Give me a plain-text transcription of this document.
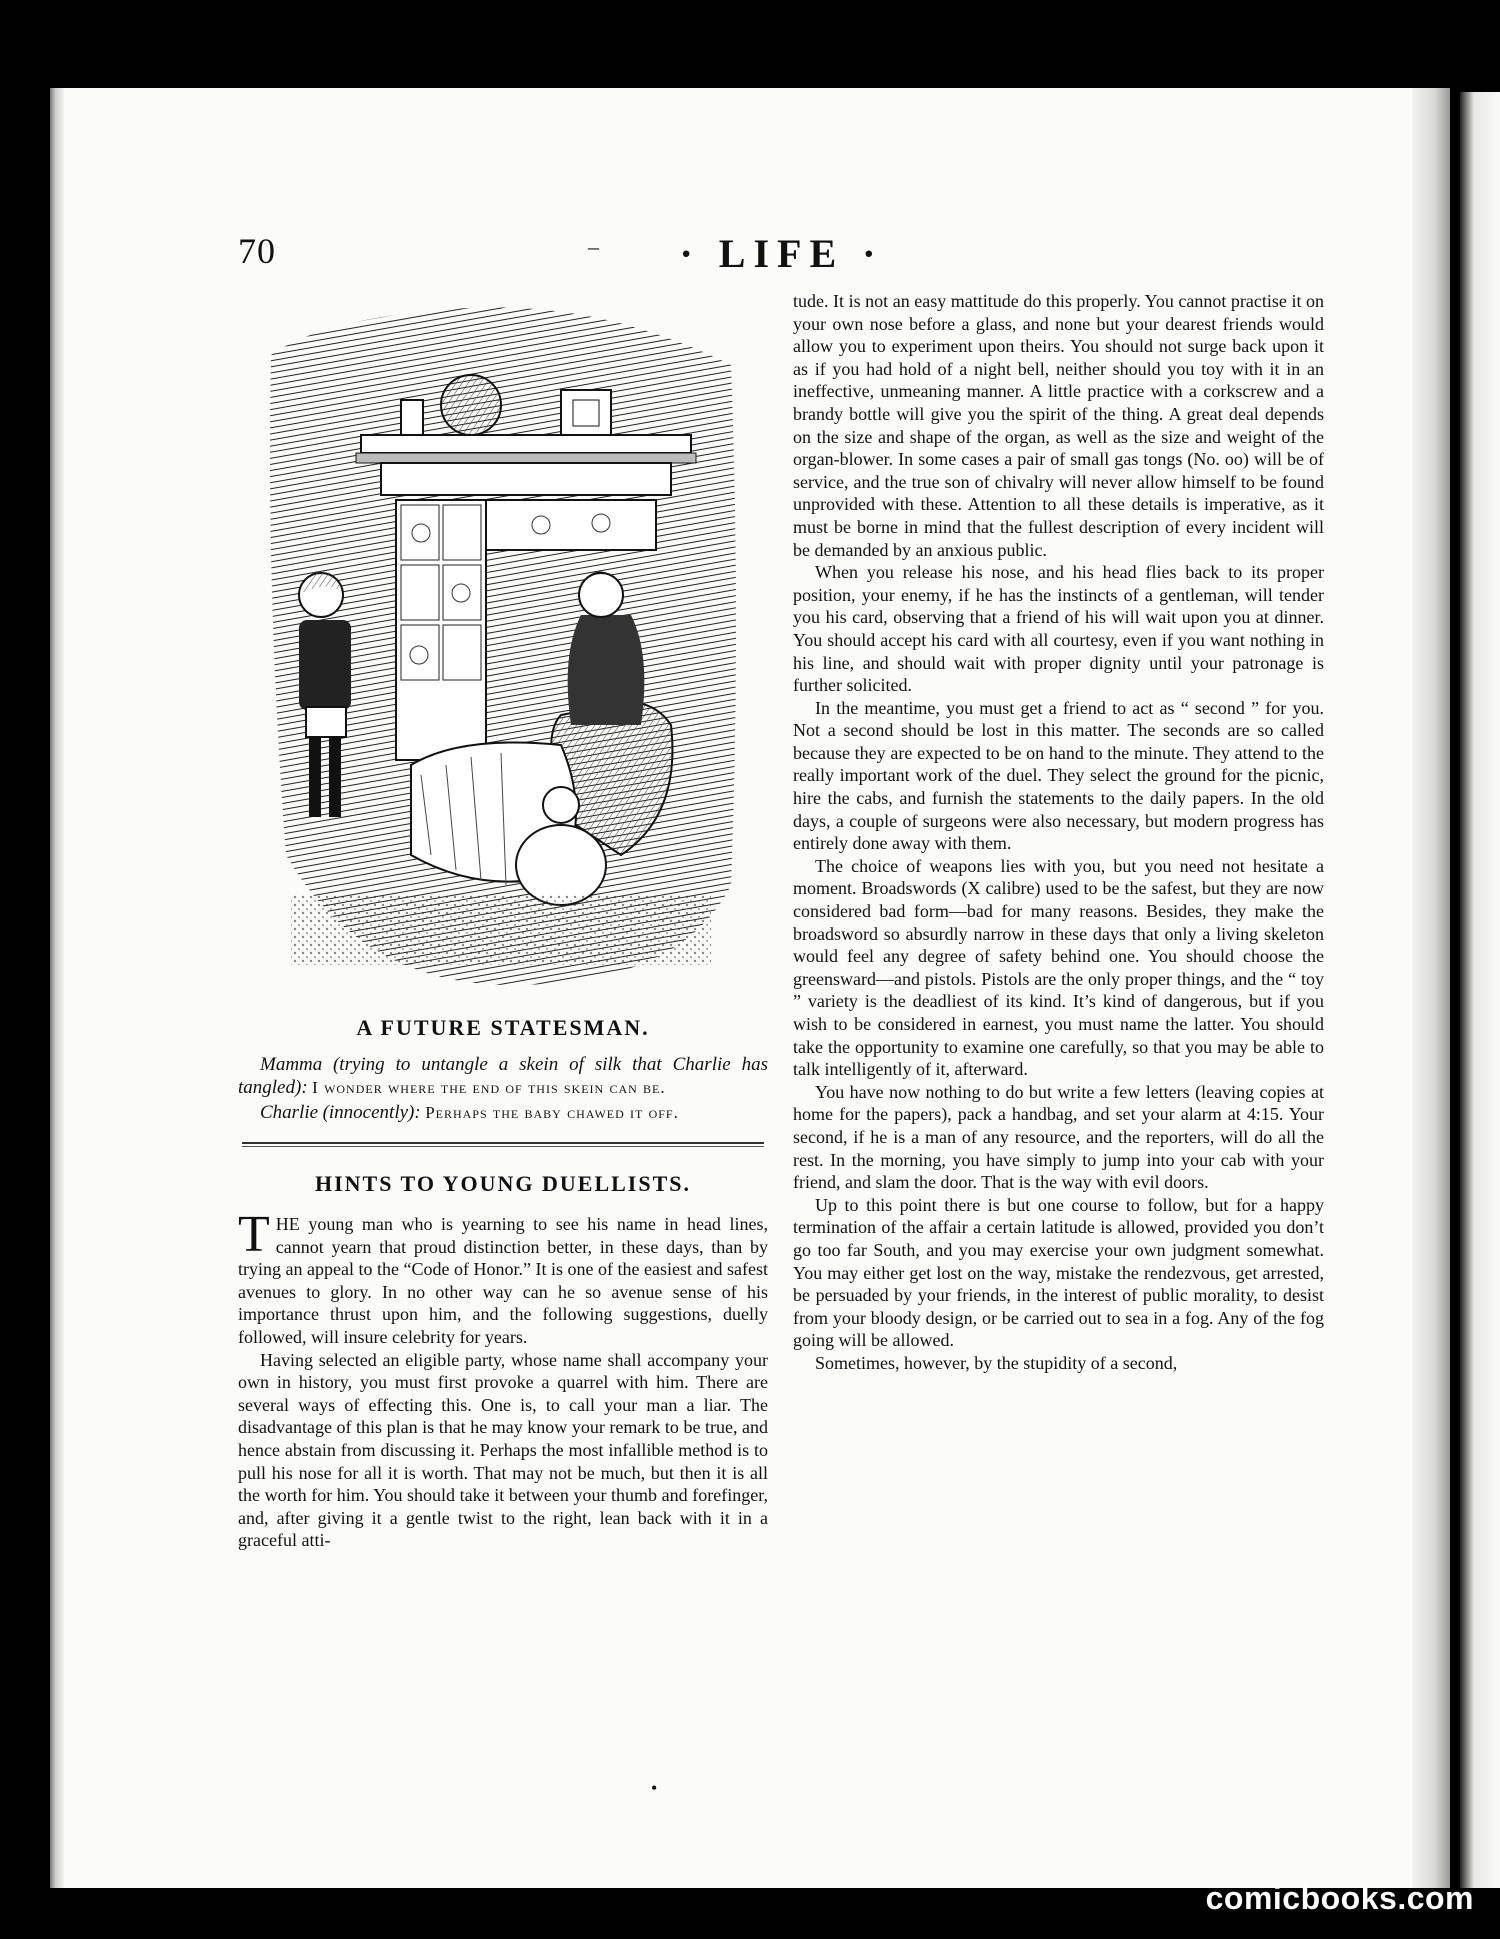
70	–	· LIFE ·
A FUTURE STATESMAN.

Mamma (trying to untangle a skein of silk that Charlie has tangled): I wonder where the end of this skein can be.

Charlie (innocently): Perhaps the baby chawed it off.

HINTS TO YOUNG DUELLISTS.

THE young man who is yearning to see his name in head lines, cannot yearn that proud distinction better, in these days, than by trying an appeal to the “Code of Honor.” It is one of the easiest and safest avenues to glory. In no other way can he so avenue sense of his importance thrust upon him, and the following suggestions, duelly followed, will insure celebrity for years.

Having selected an eligible party, whose name shall accompany your own in history, you must first provoke a quarrel with him. There are several ways of effecting this. One is, to call your man a liar. The disadvantage of this plan is that he may know your remark to be true, and hence abstain from discussing it. Perhaps the most infallible method is to pull his nose for all it is worth. That may not be much, but then it is all the worth for him. You should take it between your thumb and forefinger, and, after giving it a gentle twist to the right, lean back with it in a graceful atti-

tude. It is not an easy mattitude do this properly. You cannot practise it on your own nose before a glass, and none but your dearest friends would allow you to experiment upon theirs. You should not surge back upon it as if you had hold of a night bell, neither should you toy with it in an ineffective, unmeaning manner. A little practice with a corkscrew and a brandy bottle will give you the spirit of the thing. A great deal depends on the size and shape of the organ, as well as the size and weight of the organ-blower. In some cases a pair of small gas tongs (No. oo) will be of service, and the true son of chivalry will never allow himself to be found unprovided with these. Attention to all these details is imperative, as it must be borne in mind that the fullest description of every incident will be demanded by an anxious public.

When you release his nose, and his head flies back to its proper position, your enemy, if he has the instincts of a gentleman, will tender you his card, observing that a friend of his will wait upon you at dinner. You should accept his card with all courtesy, even if you want nothing in his line, and should wait with proper dignity until your patronage is further solicited.

In the meantime, you must get a friend to act as “ second ” for you. Not a second should be lost in this matter. The seconds are so called because they are expected to be on hand to the minute. They attend to the really important work of the duel. They select the ground for the picnic, hire the cabs, and furnish the statements to the daily papers. In the old days, a couple of surgeons were also necessary, but modern progress has entirely done away with them.

The choice of weapons lies with you, but you need not hesitate a moment. Broadswords (X calibre) used to be the safest, but they are now considered bad form—bad for many reasons. Besides, they make the broadsword so absurdly narrow in these days that only a living skeleton would feel any degree of safety behind one. You should choose the greensward—and pistols. Pistols are the only proper things, and the “ toy ” variety is the deadliest of its kind. It’s kind of dangerous, but if you wish to be considered in earnest, you must name the latter. You should take the opportunity to examine one carefully, so that you may be able to talk intelligently of it, afterward.

You have now nothing to do but write a few letters (leaving copies at home for the papers), pack a handbag, and set your alarm at 4:15. Your second, if he is a man of any resource, and the reporters, will do all the rest. In the morning, you have simply to jump into your cab with your friend, and slam the door. That is the way with evil doors.

Up to this point there is but one course to follow, but for a happy termination of the affair a certain latitude is allowed, provided you don’t go too far South, and you may exercise your own judgment somewhat. You may either get lost on the way, mistake the rendezvous, get arrested, be persuaded by your friends, in the interest of public morality, to desist from your bloody design, or be carried out to sea in a fog. Any of the fog going will be allowed.

Sometimes, however, by the stupidity of a second,

•
comicbooks.com
